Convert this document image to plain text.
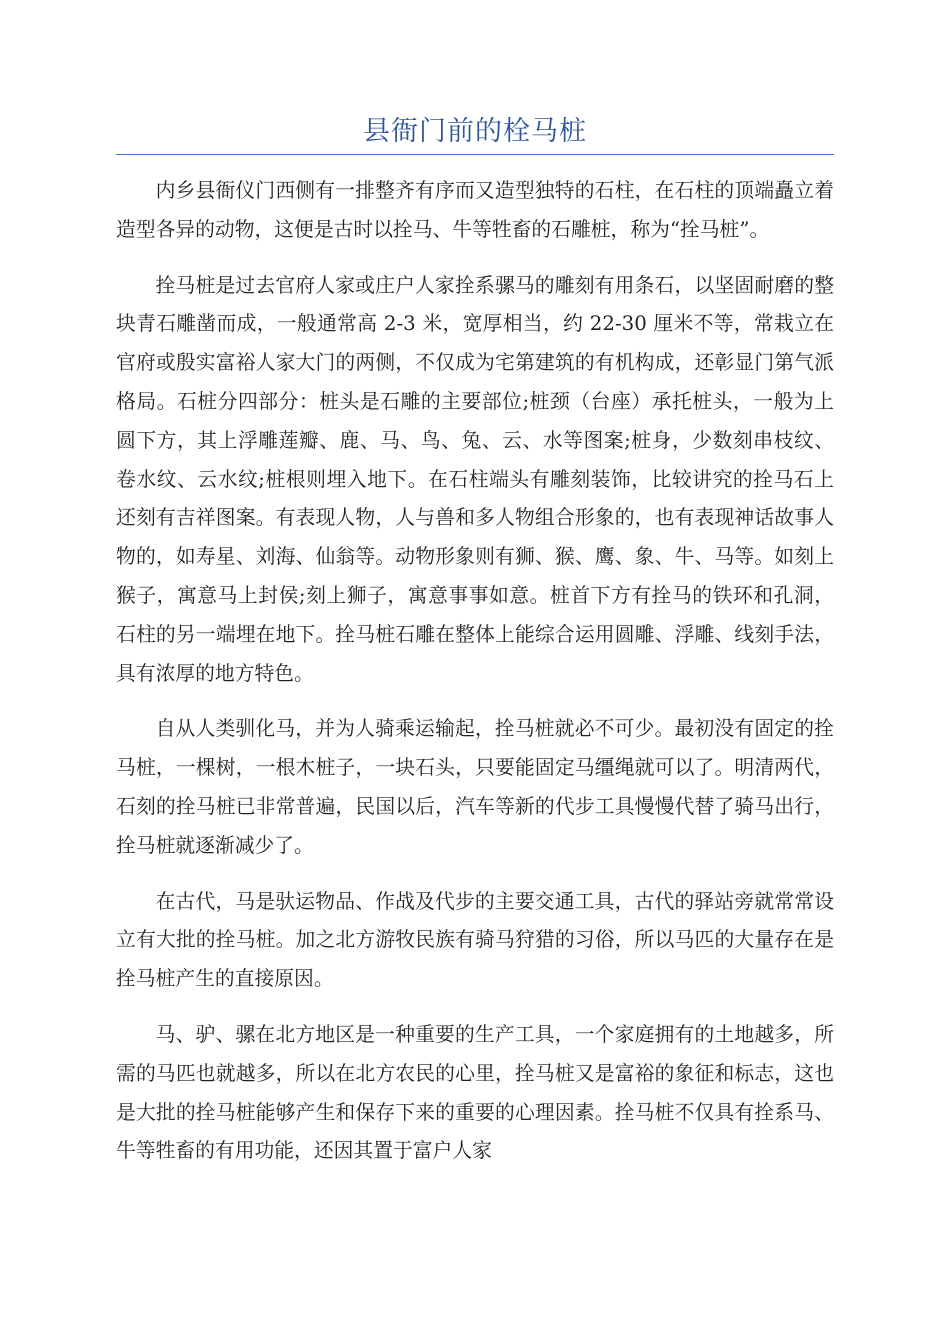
县衙门前的栓马桩

内乡县衙仪门西侧有一排整齐有序而又造型独特的石柱，在石柱的顶端矗立着造型各异的动物，这便是古时以拴马、牛等牲畜的石雕桩，称为“拴马桩”。

拴马桩是过去官府人家或庄户人家拴系骡马的雕刻有用条石，以坚固耐磨的整块青石雕凿而成，一般通常高 2-3 米，宽厚相当，约 22-30 厘米不等，常栽立在官府或殷实富裕人家大门的两侧，不仅成为宅第建筑的有机构成，还彰显门第气派格局。石桩分四部分：桩头是石雕的主要部位;桩颈（台座）承托桩头，一般为上圆下方，其上浮雕莲瓣、鹿、马、鸟、兔、云、水等图案;桩身，少数刻串枝纹、卷水纹、云水纹;桩根则埋入地下。在石柱端头有雕刻装饰，比较讲究的拴马石上还刻有吉祥图案。有表现人物，人与兽和多人物组合形象的，也有表现神话故事人物的，如寿星、刘海、仙翁等。动物形象则有狮、猴、鹰、象、牛、马等。如刻上猴子，寓意马上封侯;刻上狮子，寓意事事如意。桩首下方有拴马的铁环和孔洞，石柱的另一端埋在地下。拴马桩石雕在整体上能综合运用圆雕、浮雕、线刻手法，具有浓厚的地方特色。

自从人类驯化马，并为人骑乘运输起，拴马桩就必不可少。最初没有固定的拴马桩，一棵树，一根木桩子，一块石头，只要能固定马缰绳就可以了。明清两代，石刻的拴马桩已非常普遍，民国以后，汽车等新的代步工具慢慢代替了骑马出行，拴马桩就逐渐减少了。

在古代，马是驮运物品、作战及代步的主要交通工具，古代的驿站旁就常常设立有大批的拴马桩。加之北方游牧民族有骑马狩猎的习俗，所以马匹的大量存在是拴马桩产生的直接原因。

马、驴、骡在北方地区是一种重要的生产工具，一个家庭拥有的土地越多，所需的马匹也就越多，所以在北方农民的心里，拴马桩又是富裕的象征和标志，这也是大批的拴马桩能够产生和保存下来的重要的心理因素。拴马桩不仅具有拴系马、牛等牲畜的有用功能，还因其置于富户人家
